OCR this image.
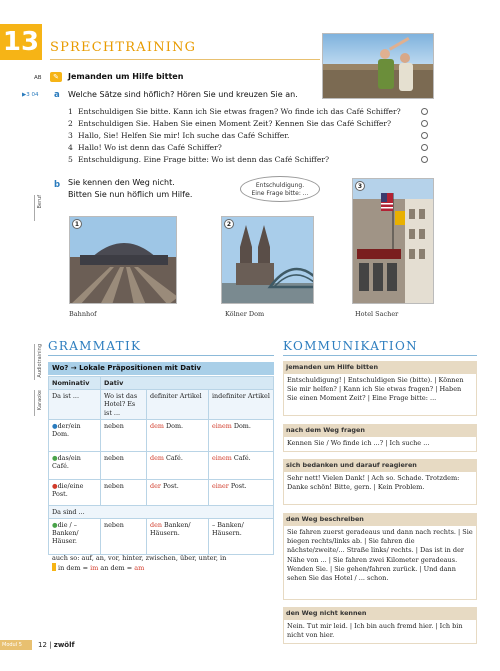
13 SPRECHTRAINING
AB	✎	Jemanden um Hilfe bitten
▶3 04 a Welche Sätze sind höflich? Hören Sie und kreuzen Sie an.
1 Entschuldigen Sie bitte. Kann ich Sie etwas fragen? Wo finde ich das Café Schiffer?
2 Entschuldigen Sie. Haben Sie einen Moment Zeit? Kennen Sie das Café Schiffer?
3 Hallo, Sie! Helfen Sie mir! Ich suche das Café Schiffer.
4 Hallo! Wo ist denn das Café Schiffer?
5 Entschuldigung. Eine Frage bitte: Wo ist denn das Café Schiffer?
b Sie kennen den Weg nicht.
Bitten Sie nun höflich um Hilfe.
Entschuldigung.
Eine Frage bitte: ...
Beruf
1
Bahnhof
2
Kölner Dom
3
Hotel Sacher
GRAMMATIK
Audiotraining
Karaoke
Wo? → Lokale Präpositionen mit Dativ
Nominativ	Dativ		
Da ist ...	Wo ist das Hotel? Es ist ...	definiter Artikel	indefiniter Artikel
●der/ein Dom.	neben	dem Dom.	einem Dom.
●das/ein Café.	neben	dem Café.	einem Café.
●die/eine Post.	neben	der Post.	einer Post.
Da sind ...			
●die / – Banken/ Häuser.	neben	den Banken/ Häusern.	– Banken/ Häusern.
auch so: auf, an, vor, hinter, zwischen, über, unter, in
in dem = im an dem = am
KOMMUNIKATION
jemanden um Hilfe bitten
Entschuldigung! | Entschuldigen Sie (bitte). | Können Sie mir helfen? | Kann ich Sie etwas fragen? | Haben Sie einen Moment Zeit? | Eine Frage bitte: ...
nach dem Weg fragen
Kennen Sie / Wo finde ich ...? | Ich suche ...
sich bedanken und darauf reagieren
Sehr nett! Vielen Dank! | Ach so. Schade. Trotzdem: Danke schön! Bitte, gern. | Kein Problem.
den Weg beschreiben
Sie fahren zuerst geradeaus und dann nach rechts. | Sie biegen rechts/links ab. | Sie fahren die nächste/zweite/... Straße links/ rechts. | Das ist in der Nähe von ... | Sie fahren zwei Kilometer geradeaus. Wenden Sie. | Sie gehen/fahren zurück. | Und dann sehen Sie das Hotel / ... schon.
den Weg nicht kennen
Nein. Tut mir leid. | Ich bin auch fremd hier. | Ich bin nicht von hier.
Modul 5	12 | zwölf
